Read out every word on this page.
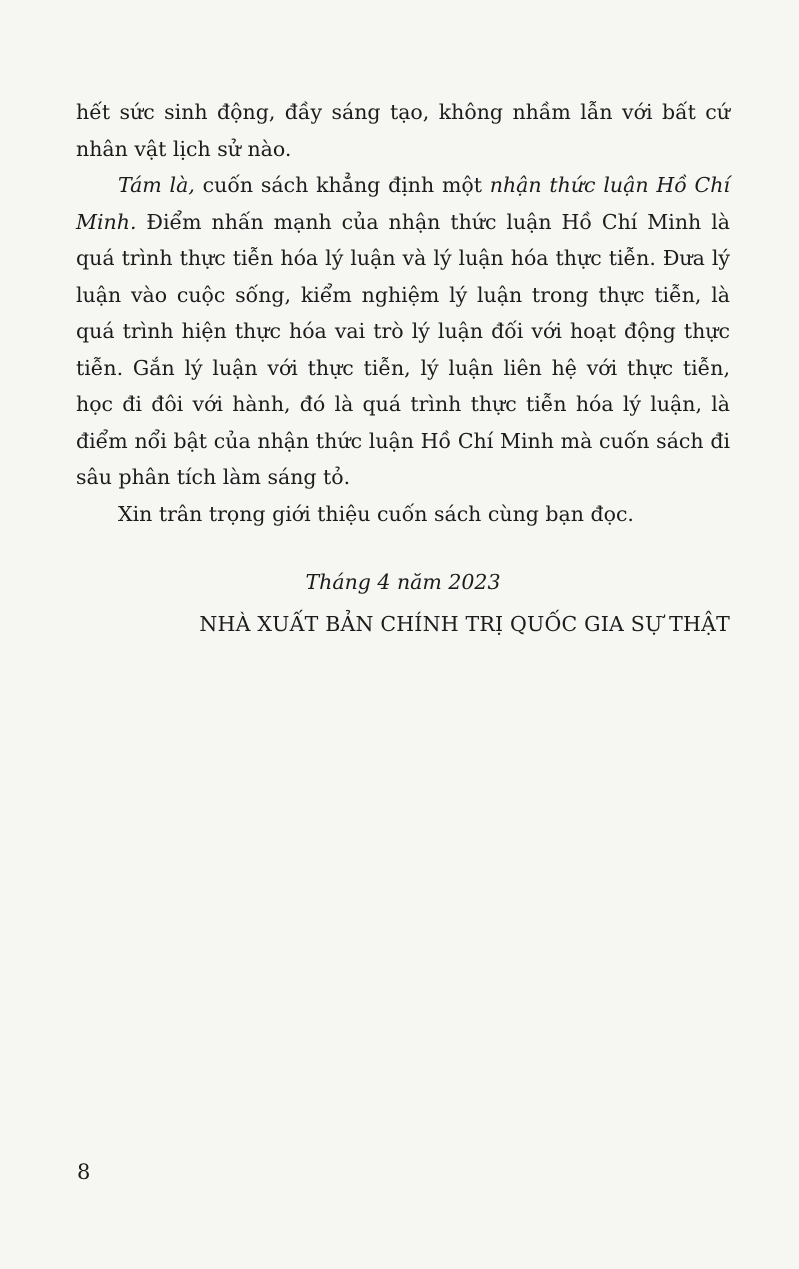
hết sức sinh động, đầy sáng tạo, không nhầm lẫn với bất cứ nhân vật lịch sử nào.

Tám là, cuốn sách khẳng định một nhận thức luận Hồ Chí Minh. Điểm nhấn mạnh của nhận thức luận Hồ Chí Minh là quá trình thực tiễn hóa lý luận và lý luận hóa thực tiễn. Đưa lý luận vào cuộc sống, kiểm nghiệm lý luận trong thực tiễn, là quá trình hiện thực hóa vai trò lý luận đối với hoạt động thực tiễn. Gắn lý luận với thực tiễn, lý luận liên hệ với thực tiễn, học đi đôi với hành, đó là quá trình thực tiễn hóa lý luận, là điểm nổi bật của nhận thức luận Hồ Chí Minh mà cuốn sách đi sâu phân tích làm sáng tỏ.

Xin trân trọng giới thiệu cuốn sách cùng bạn đọc.

Tháng 4 năm 2023

NHÀ XUẤT BẢN CHÍNH TRỊ QUỐC GIA SỰ THẬT

8
